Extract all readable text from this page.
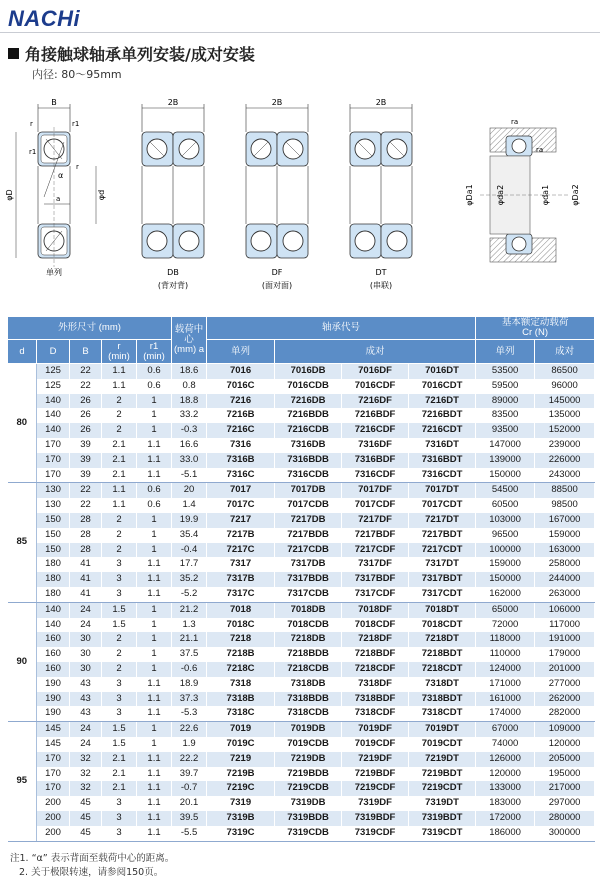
NACHi
角接触球轴承单列安装/成对安装
内径: 80～95mm
B
r	r1
r1
r
α
a
φD	φd
单列
2B
DB
(背对背)
2B
DF
(面对面)
2B
DT
(串联)
ra
ra
φDa1	φda2	φda1	φDa2
外形尺寸 (mm)					载荷中心
(mm) a	轴承代号				基本额定动载荷
Cr (N)	
d	D	B	r
(min)	r1
(min)		单列	成对			单列	成对
80	125	22	1.1	0.6	18.6	7016	7016DB	7016DF	7016DT	53500	86500
	125	22	1.1	0.6	0.8	7016C	7016CDB	7016CDF	7016CDT	59500	96000
	140	26	2	1	18.8	7216	7216DB	7216DF	7216DT	89000	145000
	140	26	2	1	33.2	7216B	7216BDB	7216BDF	7216BDT	83500	135000
	140	26	2	1	-0.3	7216C	7216CDB	7216CDF	7216CDT	93500	152000
	170	39	2.1	1.1	16.6	7316	7316DB	7316DF	7316DT	147000	239000
	170	39	2.1	1.1	33.0	7316B	7316BDB	7316BDF	7316BDT	139000	226000
	170	39	2.1	1.1	-5.1	7316C	7316CDB	7316CDF	7316CDT	150000	243000
85	130	22	1.1	0.6	20	7017	7017DB	7017DF	7017DT	54500	88500
	130	22	1.1	0.6	1.4	7017C	7017CDB	7017CDF	7017CDT	60500	98500
	150	28	2	1	19.9	7217	7217DB	7217DF	7217DT	103000	167000
	150	28	2	1	35.4	7217B	7217BDB	7217BDF	7217BDT	96500	159000
	150	28	2	1	-0.4	7217C	7217CDB	7217CDF	7217CDT	100000	163000
	180	41	3	1.1	17.7	7317	7317DB	7317DF	7317DT	159000	258000
	180	41	3	1.1	35.2	7317B	7317BDB	7317BDF	7317BDT	150000	244000
	180	41	3	1.1	-5.2	7317C	7317CDB	7317CDF	7317CDT	162000	263000
90	140	24	1.5	1	21.2	7018	7018DB	7018DF	7018DT	65000	106000
	140	24	1.5	1	1.3	7018C	7018CDB	7018CDF	7018CDT	72000	117000
	160	30	2	1	21.1	7218	7218DB	7218DF	7218DT	118000	191000
	160	30	2	1	37.5	7218B	7218BDB	7218BDF	7218BDT	110000	179000
	160	30	2	1	-0.6	7218C	7218CDB	7218CDF	7218CDT	124000	201000
	190	43	3	1.1	18.9	7318	7318DB	7318DF	7318DT	171000	277000
	190	43	3	1.1	37.3	7318B	7318BDB	7318BDF	7318BDT	161000	262000
	190	43	3	1.1	-5.3	7318C	7318CDB	7318CDF	7318CDT	174000	282000
95	145	24	1.5	1	22.6	7019	7019DB	7019DF	7019DT	67000	109000
	145	24	1.5	1	1.9	7019C	7019CDB	7019CDF	7019CDT	74000	120000
	170	32	2.1	1.1	22.2	7219	7219DB	7219DF	7219DT	126000	205000
	170	32	2.1	1.1	39.7	7219B	7219BDB	7219BDF	7219BDT	120000	195000
	170	32	2.1	1.1	-0.7	7219C	7219CDB	7219CDF	7219CDT	133000	217000
	200	45	3	1.1	20.1	7319	7319DB	7319DF	7319DT	183000	297000
	200	45	3	1.1	39.5	7319B	7319BDB	7319BDF	7319BDT	172000	280000
	200	45	3	1.1	-5.5	7319C	7319CDB	7319CDF	7319CDT	186000	300000
注1. “α” 表示背面至载荷中心的距离。
2. 关于极限转速，请参阅150页。
